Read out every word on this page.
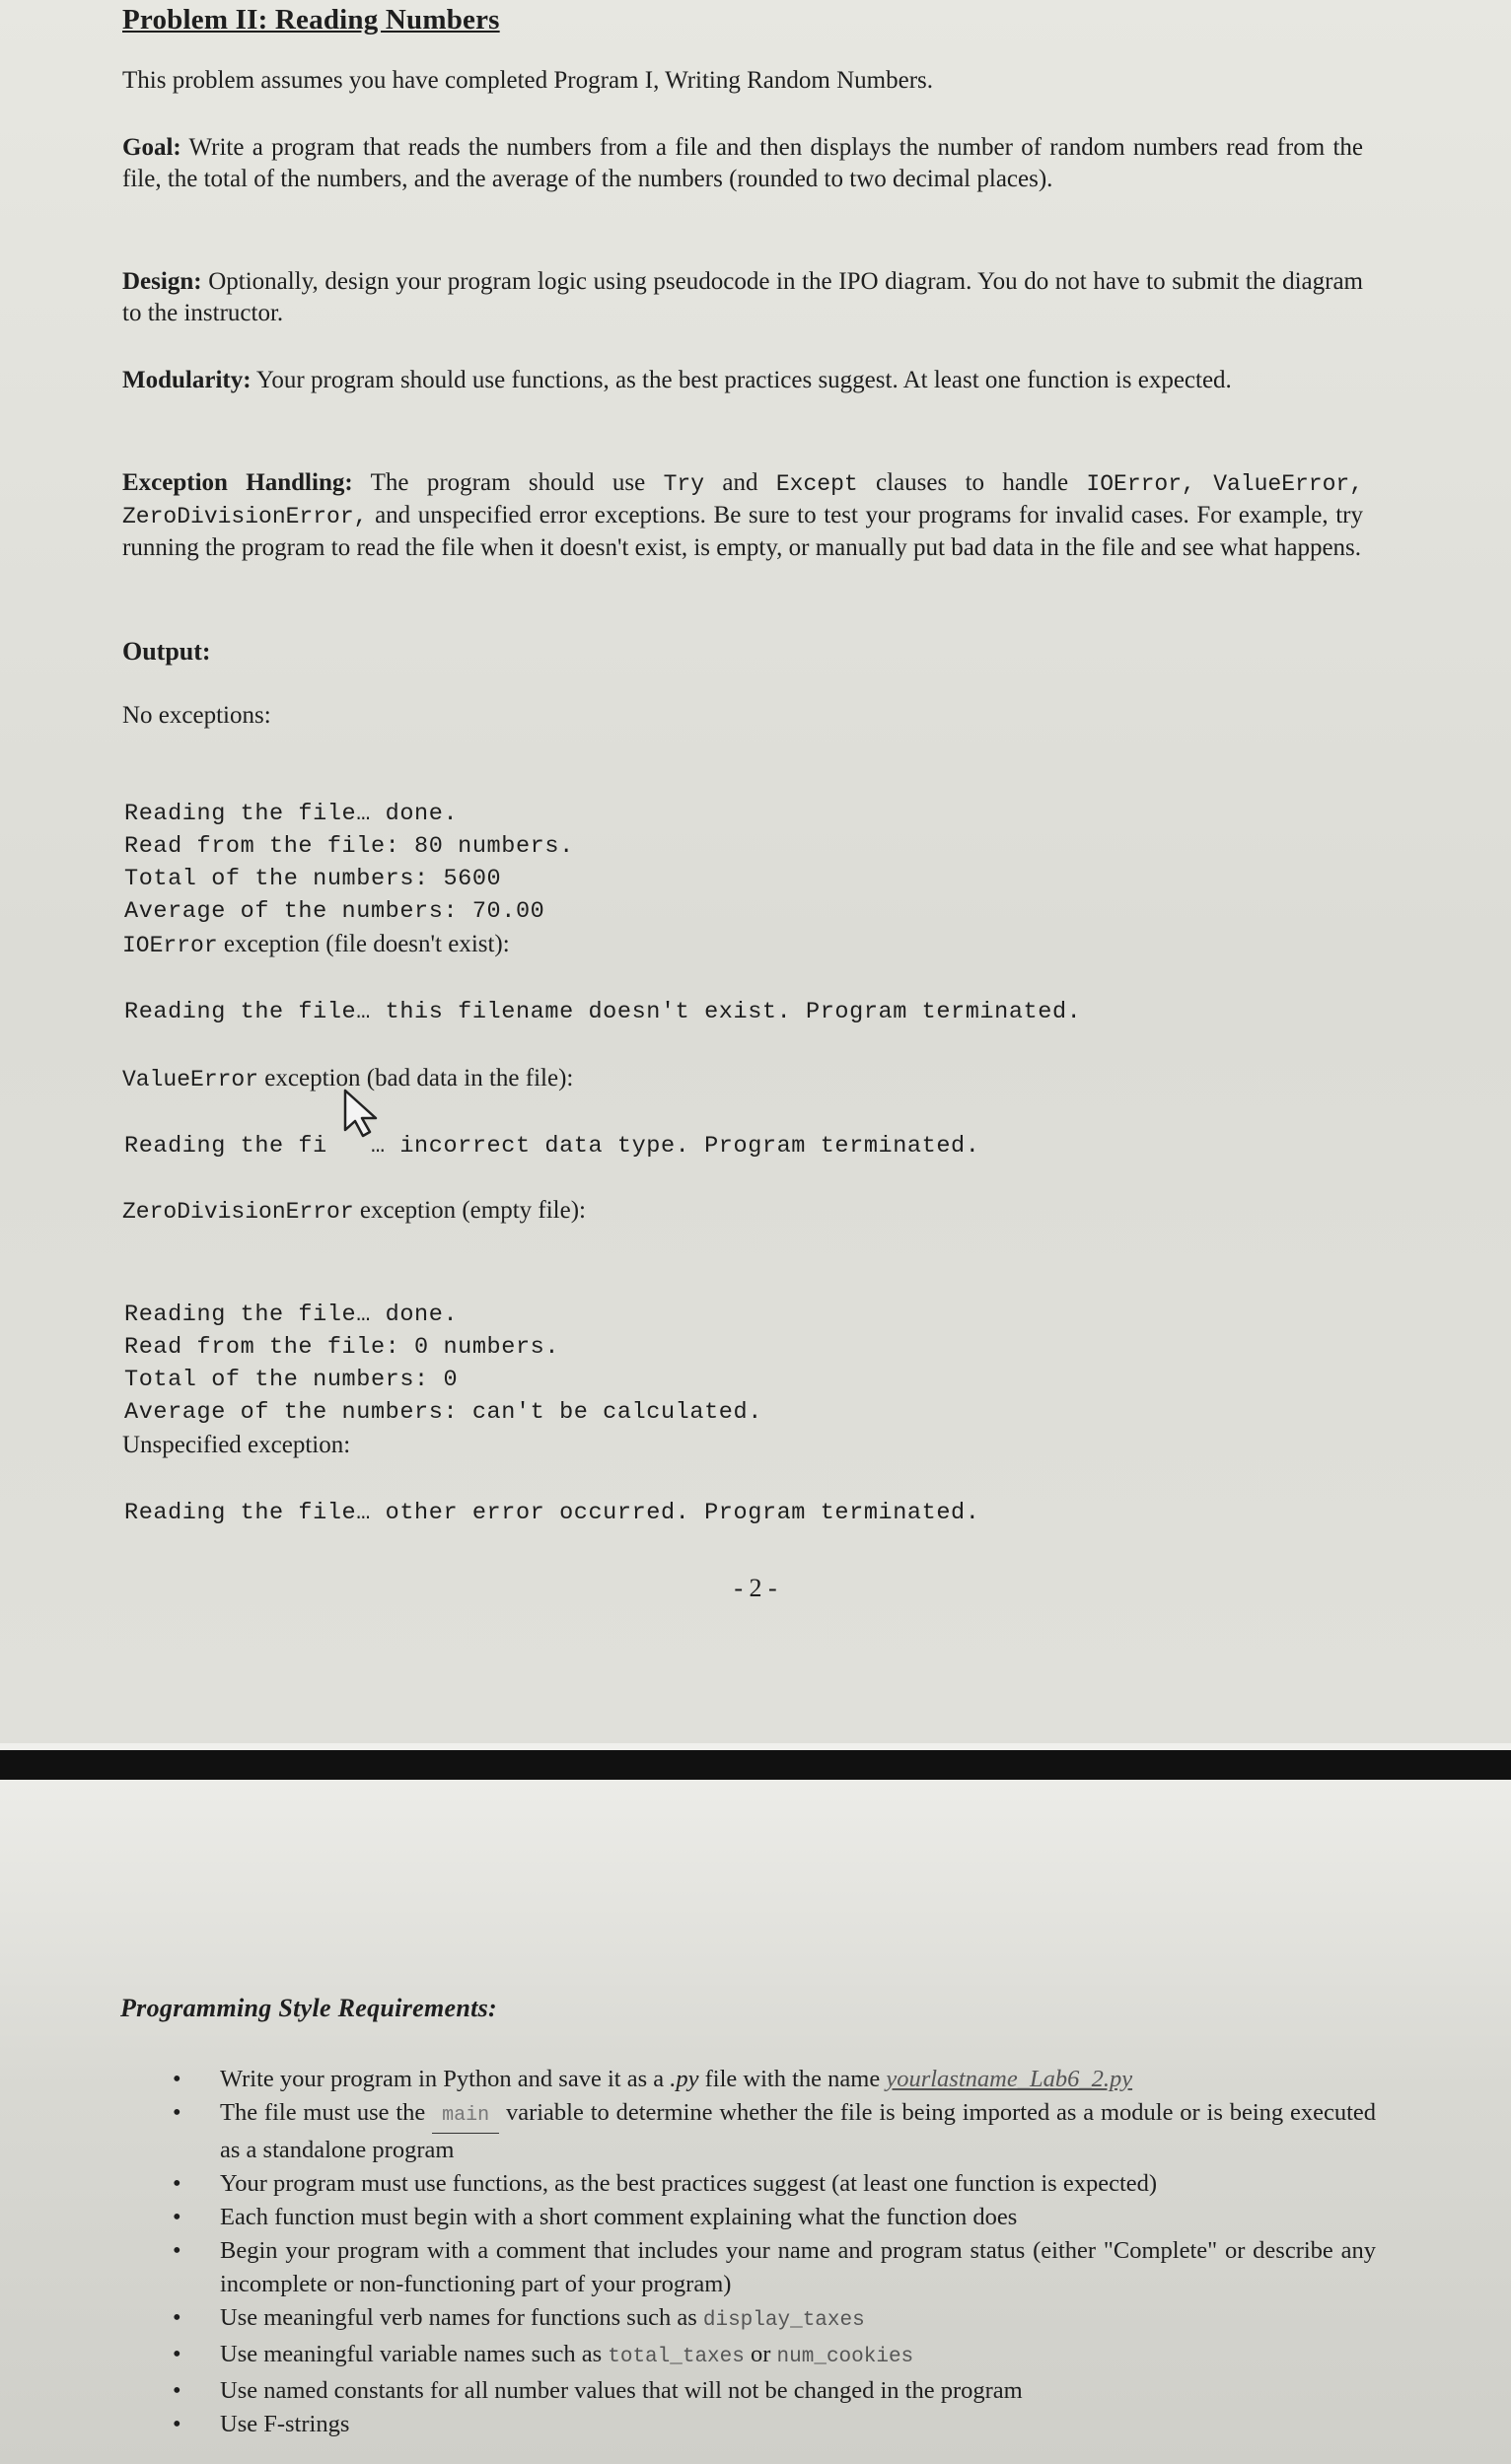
Problem II: Reading Numbers
This problem assumes you have completed Program I, Writing Random Numbers.
Goal: Write a program that reads the numbers from a file and then displays the number of random numbers read from the file, the total of the numbers, and the average of the numbers (rounded to two decimal places).
Design: Optionally, design your program logic using pseudocode in the IPO diagram. You do not have to submit the diagram to the instructor.
Modularity: Your program should use functions, as the best practices suggest. At least one function is expected.
Exception Handling: The program should use Try and Except clauses to handle IOError, ValueError, ZeroDivisionError, and unspecified error exceptions. Be sure to test your programs for invalid cases. For example, try running the program to read the file when it doesn't exist, is empty, or manually put bad data in the file and see what happens.
Output:
No exceptions:

Reading the file… done.
Read from the file: 80 numbers.
Total of the numbers: 5600
Average of the numbers: 70.00
IOError exception (file doesn't exist):
Reading the file… this filename doesn't exist. Program terminated.
ValueError exception (bad data in the file):
Reading the fi   … incorrect data type. Program terminated.
ZeroDivisionError exception (empty file):

Reading the file… done.
Read from the file: 0 numbers.
Total of the numbers: 0
Average of the numbers: can't be calculated.
Unspecified exception:
Reading the file… other error occurred. Program terminated.
- 2 -
Programming Style Requirements:
• Write your program in Python and save it as a .py file with the name yourlastname_Lab6_2.py
• The file must use the main variable to determine whether the file is being imported as a module or is being executed as a standalone program
• Your program must use functions, as the best practices suggest (at least one function is expected)
• Each function must begin with a short comment explaining what the function does
• Begin your program with a comment that includes your name and program status (either "Complete" or describe any incomplete or non-functioning part of your program)
• Use meaningful verb names for functions such as display_taxes
• Use meaningful variable names such as total_taxes or num_cookies
• Use named constants for all number values that will not be changed in the program
• Use F-strings
